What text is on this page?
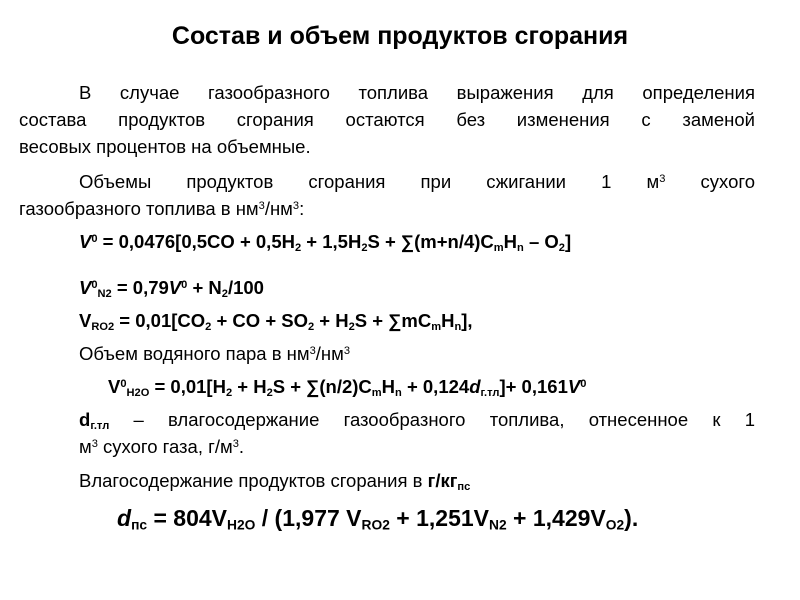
Состав и объем продуктов сгорания
В случае газообразного топлива выражения для определения
состава продуктов сгорания остаются без изменения с заменой
весовых процентов на объемные.
Объемы продуктов сгорания при сжигании 1 $м^3$ сухого
газообразного топлива в $нм^3/нм^3$:
$V^0 = 0,0476[0,5CO + 0,5H_2 + 1,5H_2S + \sum(m+n/4)C_mH_n - O_2]$
$V^0_{N2} = 0,79V^0 + N_2/100$
$V_{RO2} = 0,01[CO_2$ + CO + $SO_2 + H_2S + \sum mC_mH_n$],
Объем водяного пара в $нм^3/нм^3$
$V^0_{H2O} = 0,01[H_2 + H_2S + \sum(n/2)C_mH_n + 0,124d_{г.тл}]+ 0,161V^0$
$d_{г.тл}$ – влагосодержание газообразного топлива, отнесенное к 1
$м^3$ сухого газа, $г/м^3$.
Влагосодержание продуктов сгорания в $г/кг_{пс}$
$d_{пс} = 804V_{H2O} / (1,977$ $V_{RO2} + 1,251V_{N2} + 1,429V_{O2}$).
